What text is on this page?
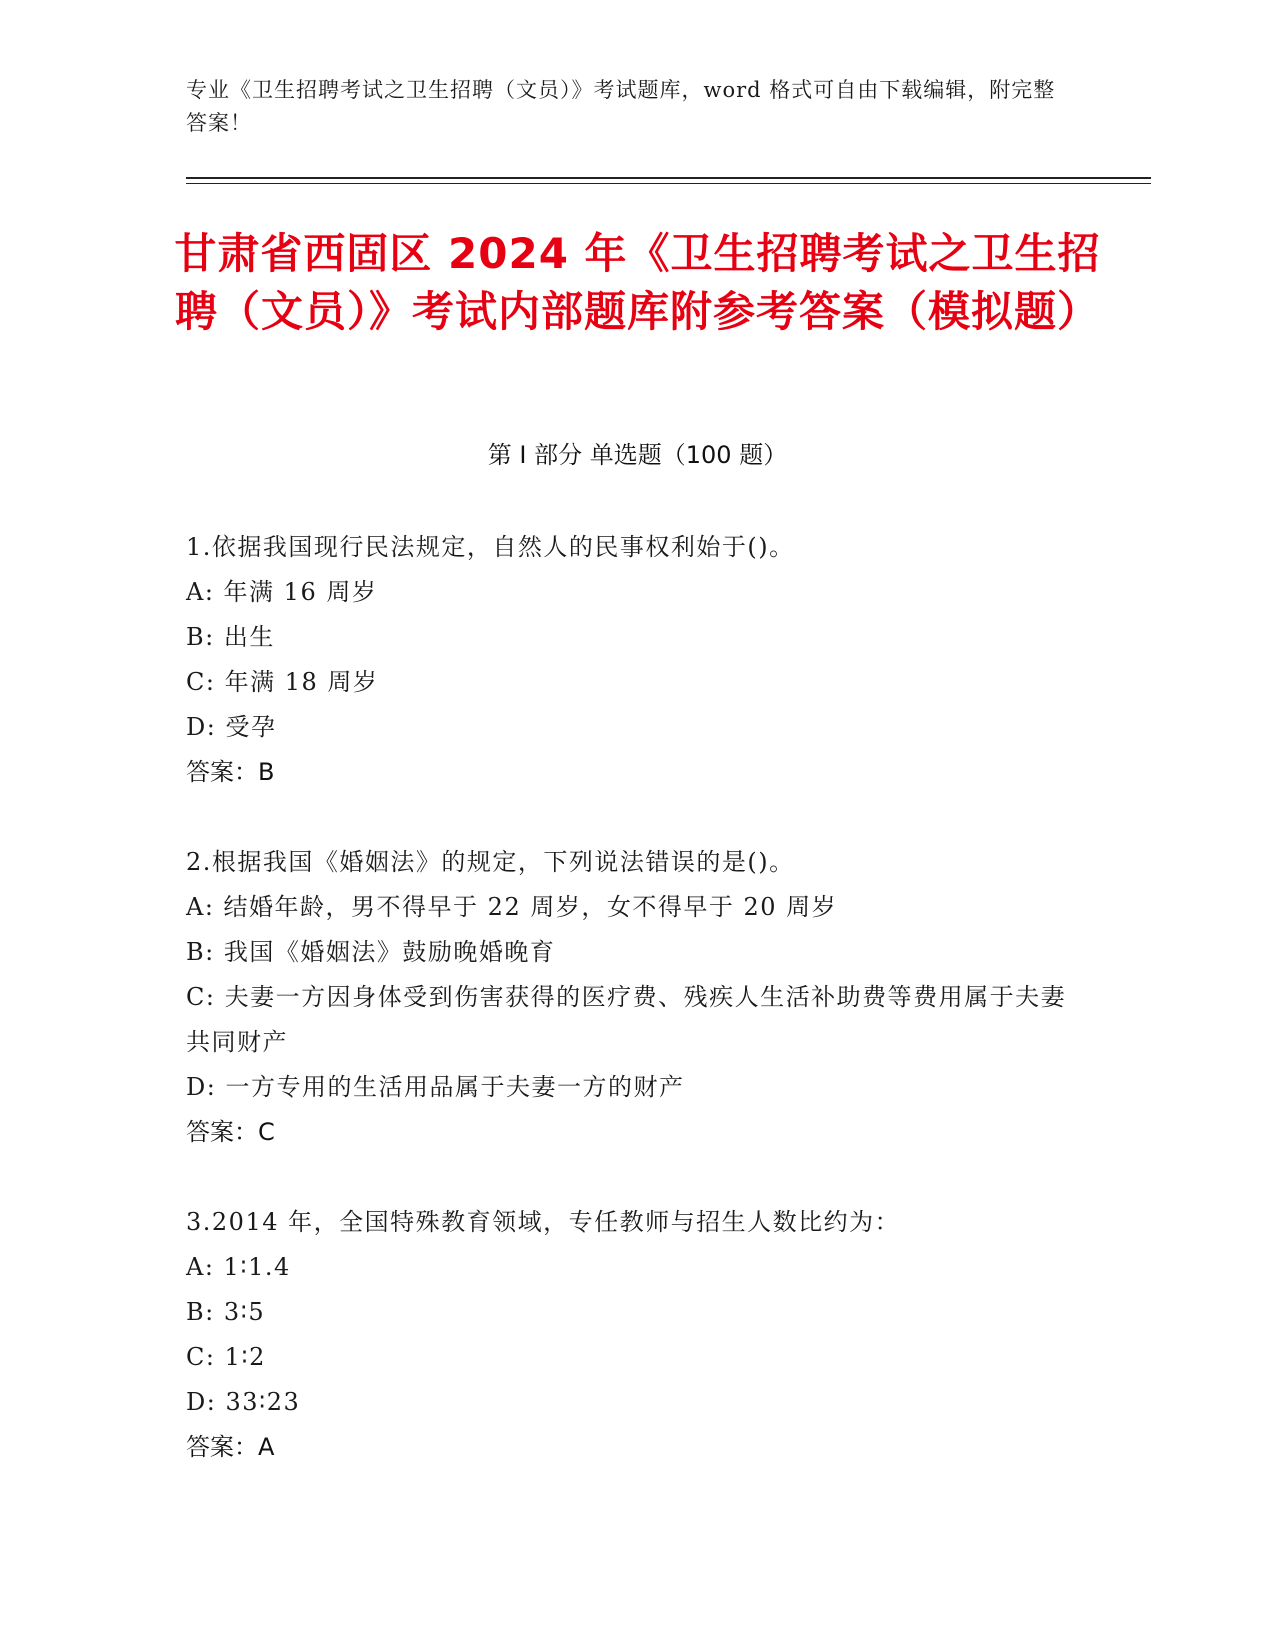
专业《卫生招聘考试之卫生招聘（文员）》考试题库，word 格式可自由下载编辑，附完整答案！
甘肃省西固区 2024 年《卫生招聘考试之卫生招聘（文员）》考试内部题库附参考答案（模拟题）
第 I 部分 单选题（100 题）
1.依据我国现行民法规定，自然人的民事权利始于()。
A: 年满 16 周岁
B: 出生
C: 年满 18 周岁
D: 受孕
答案：B
2.根据我国《婚姻法》的规定，下列说法错误的是()。
A: 结婚年龄，男不得早于 22 周岁，女不得早于 20 周岁
B: 我国《婚姻法》鼓励晚婚晚育
C: 夫妻一方因身体受到伤害获得的医疗费、残疾人生活补助费等费用属于夫妻共同财产
D: 一方专用的生活用品属于夫妻一方的财产
答案：C
3.2014 年，全国特殊教育领域，专任教师与招生人数比约为：
A: 1∶1.4
B: 3∶5
C: 1∶2
D: 33∶23
答案：A
